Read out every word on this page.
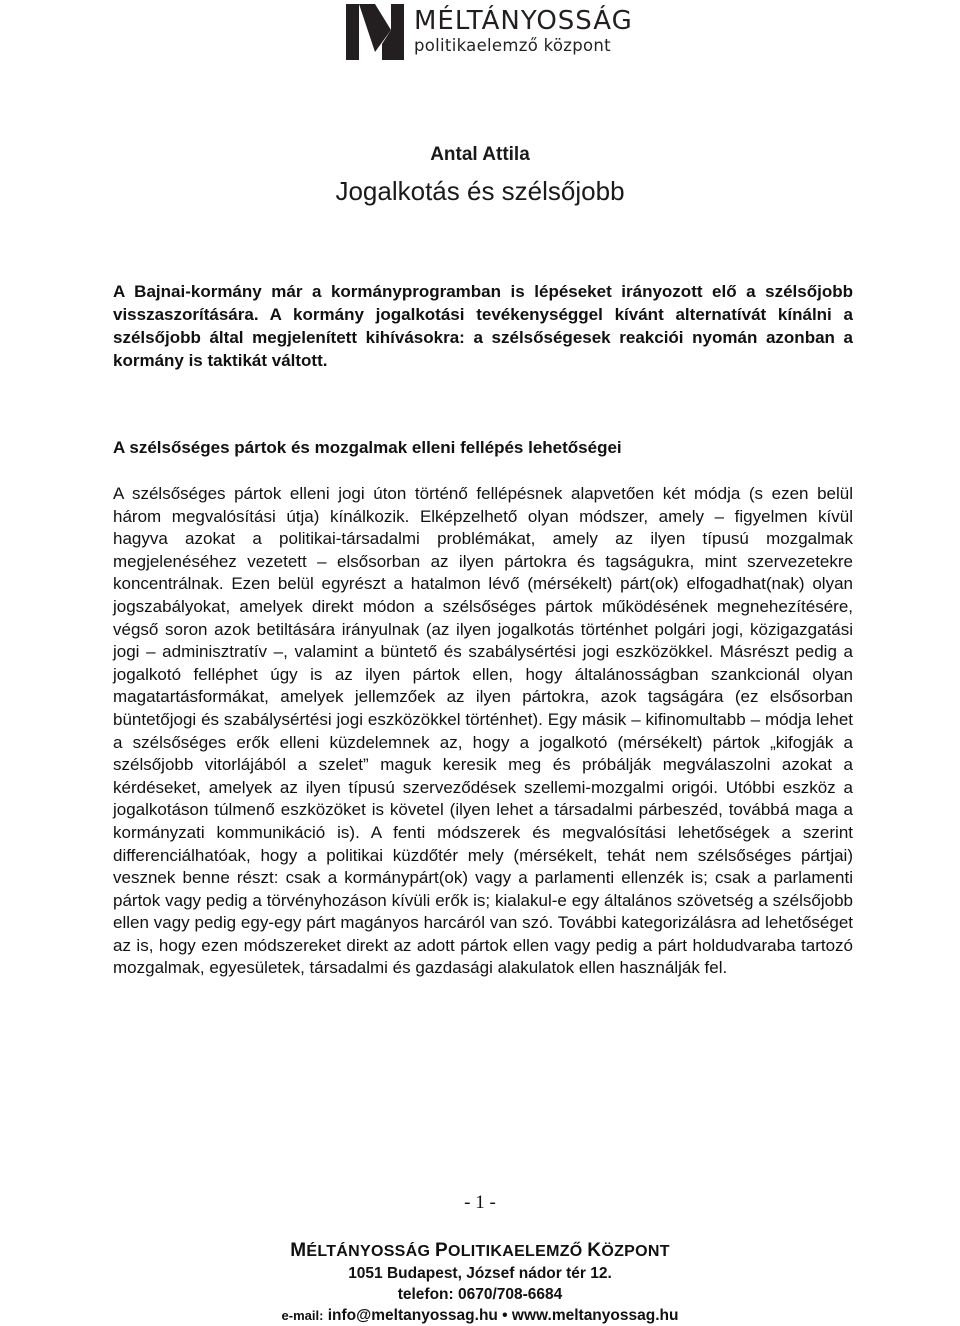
MÉLTÁNYOSSÁG
politikaelemző központ
Antal Attila
Jogalkotás és szélsőjobb
A Bajnai-kormány már a kormányprogramban is lépéseket irányozott elő a szélsőjobb visszaszorítására. A kormány jogalkotási tevékenységgel kívánt alternatívát kínálni a szélsőjobb által megjelenített kihívásokra: a szélsőségesek reakciói nyomán azonban a kormány is taktikát váltott.
A szélsőséges pártok és mozgalmak elleni fellépés lehetőségei
A szélsőséges pártok elleni jogi úton történő fellépésnek alapvetően két módja (s ezen belül három megvalósítási útja) kínálkozik. Elképzelhető olyan módszer, amely – figyelmen kívül hagyva azokat a politikai-társadalmi problémákat, amely az ilyen típusú mozgalmak megjelenéséhez vezetett – elsősorban az ilyen pártokra és tagságukra, mint szervezetekre koncentrálnak. Ezen belül egyrészt a hatalmon lévő (mérsékelt) párt(ok) elfogadhat(nak) olyan jogszabályokat, amelyek direkt módon a szélsőséges pártok működésének megnehezítésére, végső soron azok betiltására irányulnak (az ilyen jogalkotás történhet polgári jogi, közigazgatási jogi – adminisztratív –, valamint a büntető és szabálysértési jogi eszközökkel. Másrészt pedig a jogalkotó felléphet úgy is az ilyen pártok ellen, hogy általánosságban szankcionál olyan magatartásformákat, amelyek jellemzőek az ilyen pártokra, azok tagságára (ez elsősorban büntetőjogi és szabálysértési jogi eszközökkel történhet). Egy másik – kifinomultabb – módja lehet a szélsőséges erők elleni küzdelemnek az, hogy a jogalkotó (mérsékelt) pártok „kifogják a szélsőjobb vitorlájából a szelet” maguk keresik meg és próbálják megválaszolni azokat a kérdéseket, amelyek az ilyen típusú szerveződések szellemi-mozgalmi origói. Utóbbi eszköz a jogalkotáson túlmenő eszközöket is követel (ilyen lehet a társadalmi párbeszéd, továbbá maga a kormányzati kommunikáció is). A fenti módszerek és megvalósítási lehetőségek a szerint differenciálhatóak, hogy a politikai küzdőtér mely (mérsékelt, tehát nem szélsőséges pártjai) vesznek benne részt: csak a kormánypárt(ok) vagy a parlamenti ellenzék is; csak a parlamenti pártok vagy pedig a törvényhozáson kívüli erők is; kialakul-e egy általános szövetség a szélsőjobb ellen vagy pedig egy-egy párt magányos harcáról van szó. További kategorizálásra ad lehetőséget az is, hogy ezen módszereket direkt az adott pártok ellen vagy pedig a párt holdudvaraba tartozó mozgalmak, egyesületek, társadalmi és gazdasági alakulatok ellen használják fel.
- 1 -
MÉLTÁNYOSSÁG POLITIKAELEMZŐ KÖZPONT
1051 Budapest, József nádor tér 12.
telefon: 0670/708-6684
e-mail: info@meltanyossag.hu • www.meltanyossag.hu
